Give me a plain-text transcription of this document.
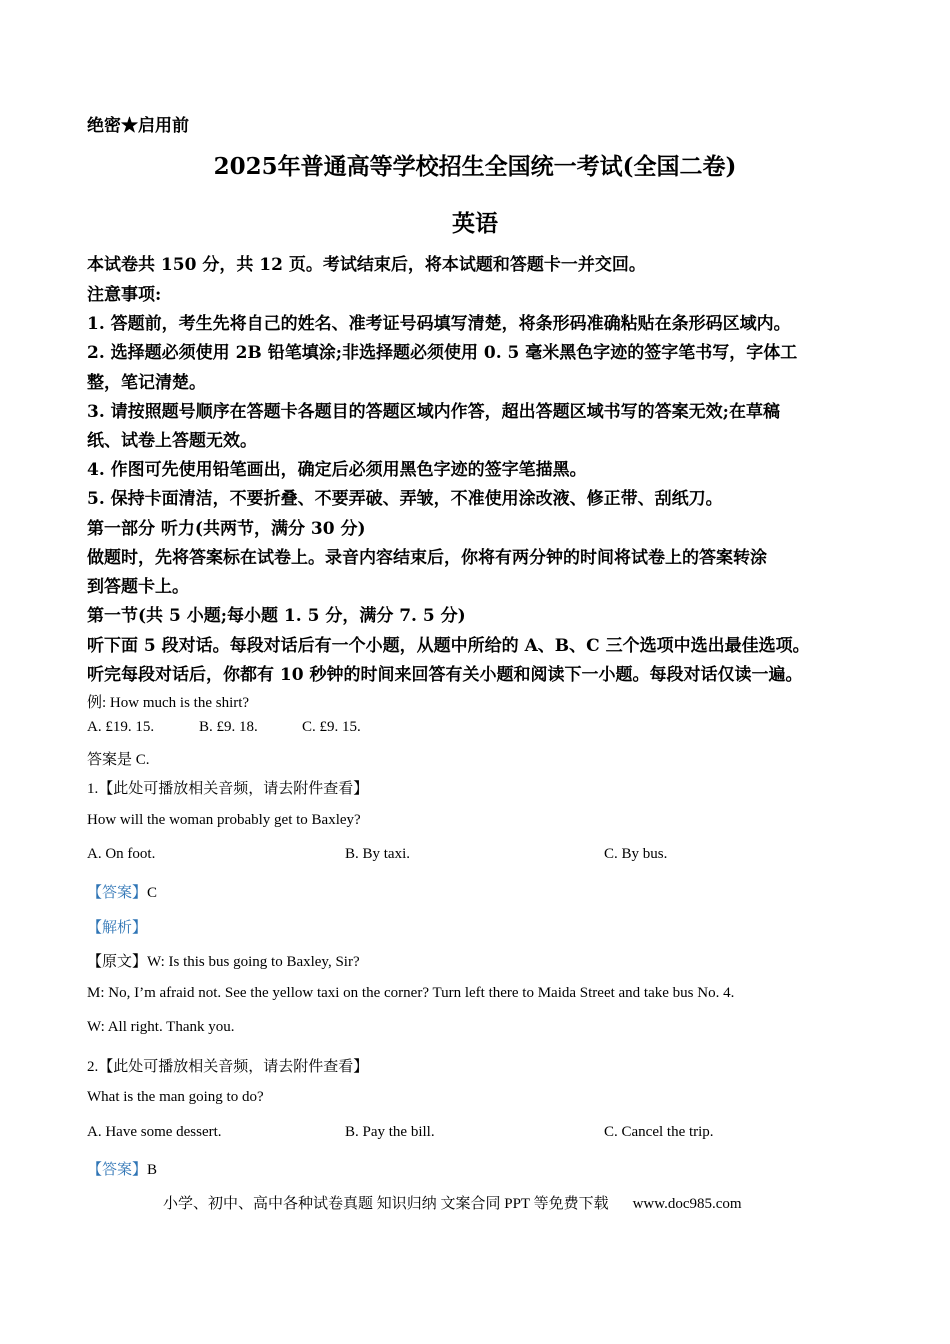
绝密★启用前
2025年普通高等学校招生全国统一考试(全国二卷)
英语
本试卷共 150 分，共 12 页。考试结束后，将本试题和答题卡一并交回。
注意事项:
1. 答题前，考生先将自己的姓名、准考证号码填写清楚，将条形码准确粘贴在条形码区域内。
2. 选择题必须使用 2B 铅笔填涂;非选择题必须使用 0. 5 毫米黑色字迹的签字笔书写，字体工
整，笔记清楚。
3. 请按照题号顺序在答题卡各题目的答题区域内作答，超出答题区域书写的答案无效;在草稿
纸、试卷上答题无效。
4. 作图可先使用铅笔画出，确定后必须用黑色字迹的签字笔描黑。
5. 保持卡面清洁，不要折叠、不要弄破、弄皱，不准使用涂改液、修正带、刮纸刀。
第一部分 听力(共两节，满分 30 分)
做题时，先将答案标在试卷上。录音内容结束后，你将有两分钟的时间将试卷上的答案转涂
到答题卡上。
第一节(共 5 小题;每小题 1. 5 分，满分 7. 5 分)
听下面 5 段对话。每段对话后有一个小题，从题中所给的 A、B、C 三个选项中选出最佳选项。
听完每段对话后，你都有 10 秒钟的时间来回答有关小题和阅读下一小题。每段对话仅读一遍。
例: How much is the shirt?
A. £19. 15.	B. £9. 18.	C. £9. 15.
答案是 C.
1.【此处可播放相关音频，请去附件查看】
How will the woman probably get to Baxley?
A. On foot.	B. By taxi.	C. By bus.
【答案】C
【解析】
【原文】W: Is this bus going to Baxley, Sir?
M: No, I’m afraid not. See the yellow taxi on the corner? Turn left there to Maida Street and take bus No. 4.
W: All right. Thank you.
2.【此处可播放相关音频，请去附件查看】
What is the man going to do?
A. Have some dessert.	B. Pay the bill.	C. Cancel the trip.
【答案】B
小学、初中、高中各种试卷真题 知识归纳 文案合同 PPT 等免费下载 www.doc985.com
